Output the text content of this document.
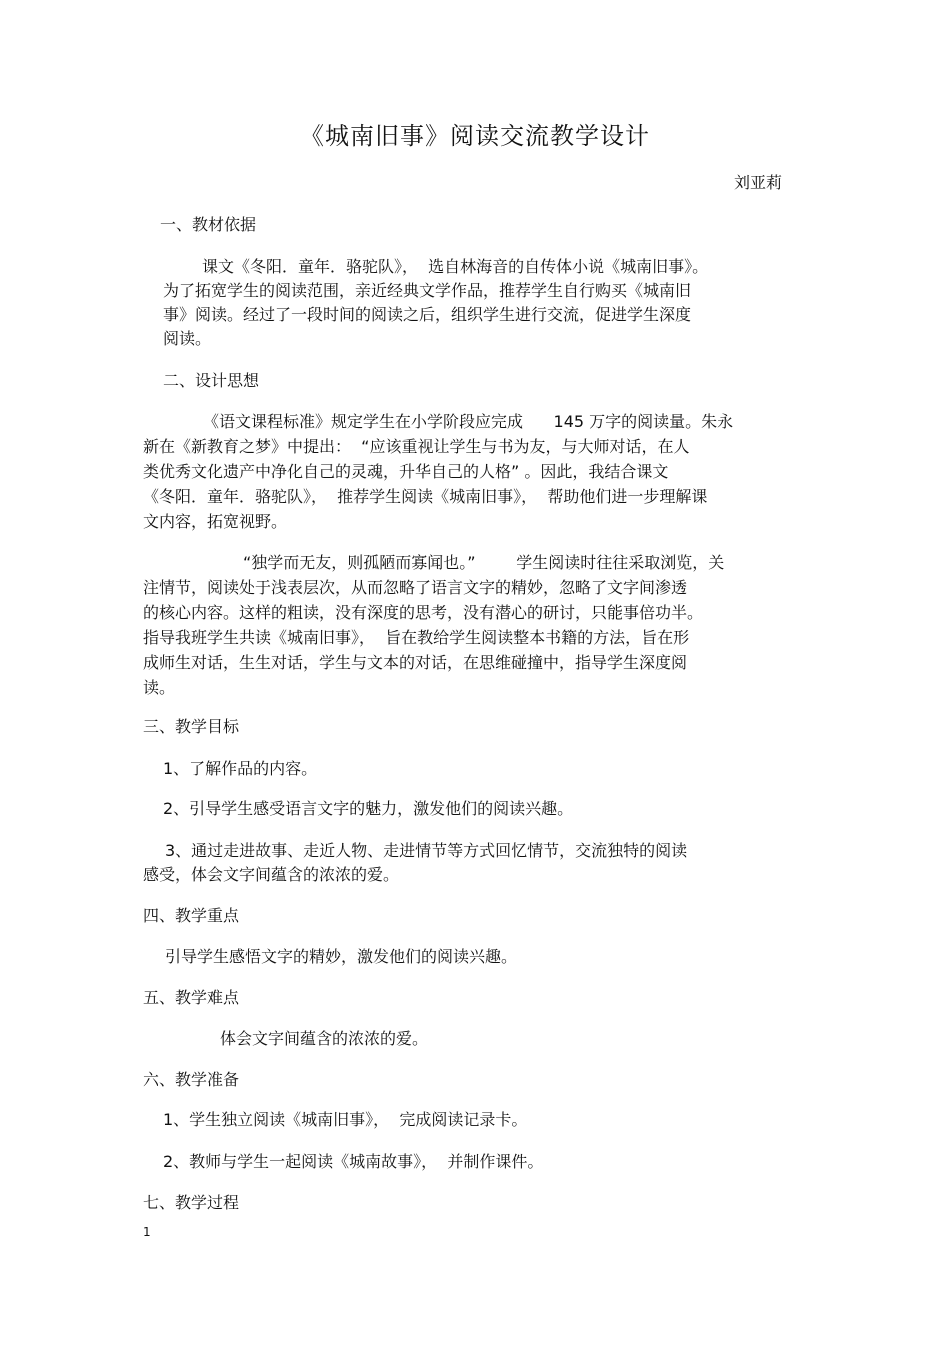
《城南旧事》阅读交流教学设计
刘亚莉
一、教材依据
课文《冬阳．童年．骆驼队》，  选自林海音的自传体小说《城南旧事》。
为了拓宽学生的阅读范围，亲近经典文学作品，推荐学生自行购买《城南旧
事》阅读。经过了一段时间的阅读之后，组织学生进行交流，促进学生深度
阅读。
二、设计思想
《语文课程标准》规定学生在小学阶段应完成      145 万字的阅读量。朱永
新在《新教育之梦》中提出：  “应该重视让学生与书为友，与大师对话，在人
类优秀文化遗产中净化自己的灵魂，升华自己的人格” 。因此，我结合课文
《冬阳．童年．骆驼队》，  推荐学生阅读《城南旧事》，  帮助他们进一步理解课
文内容，拓宽视野。
“独学而无友，则孤陋而寡闻也。”        学生阅读时往往采取浏览，关
注情节，阅读处于浅表层次，从而忽略了语言文字的精妙，忽略了文字间渗透
的核心内容。这样的粗读，没有深度的思考，没有潜心的研讨，只能事倍功半。
指导我班学生共读《城南旧事》，  旨在教给学生阅读整本书籍的方法，旨在形
成师生对话，生生对话，学生与文本的对话，在思维碰撞中，指导学生深度阅
读。
三、教学目标
1、了解作品的内容。
2、引导学生感受语言文字的魅力，激发他们的阅读兴趣。
3、通过走进故事、走近人物、走进情节等方式回忆情节，交流独特的阅读
感受，体会文字间蕴含的浓浓的爱。
四、教学重点
引导学生感悟文字的精妙，激发他们的阅读兴趣。
五、教学难点
体会文字间蕴含的浓浓的爱。
六、教学准备
1、学生独立阅读《城南旧事》，  完成阅读记录卡。
2、教师与学生一起阅读《城南故事》，  并制作课件。
七、教学过程
1
